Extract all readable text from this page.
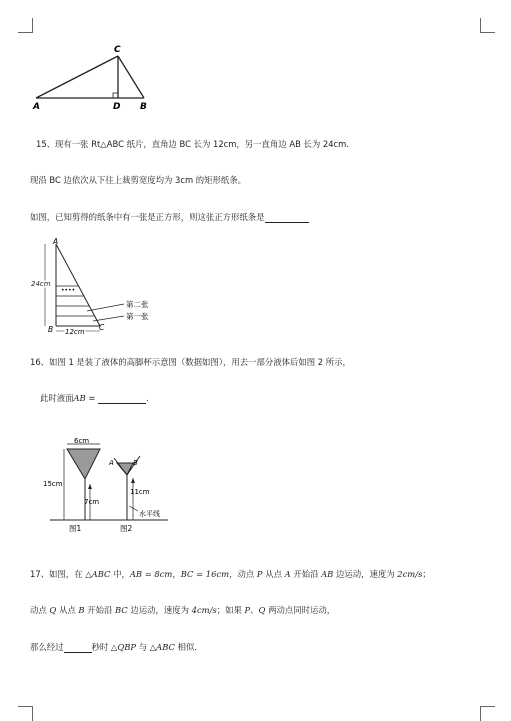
C
A	D B
15、现有一张 Rt△ABC 纸片，直角边 BC 长为 12cm，另一直角边 AB 长为 24cm.
现沿 BC 边依次从下往上裁剪宽度均为 3cm 的矩形纸条。
如图，已知剪得的纸条中有一张是正方形，则这张正方形纸条是
A
B	C
24cm
12cm
••••
第二张
第一张
16、如图 1 是装了液体的高脚杯示意图（数据如图），用去一部分液体后如图 2 所示，
此时液面AB =	.
6cm
15cm
7cm
A	B
11cm
水平线
图1	图2
17、如图，在 △ABC 中，AB = 8cm，BC = 16cm，动点 P 从点 A 开始沿 AB 边运动，速度为 2cm/s；
动点 Q 从点 B 开始沿 BC 边运动，速度为 4cm/s；如果 P、Q 两动点同时运动，
那么经过	秒时 △QBP 与 △ABC 相似.
